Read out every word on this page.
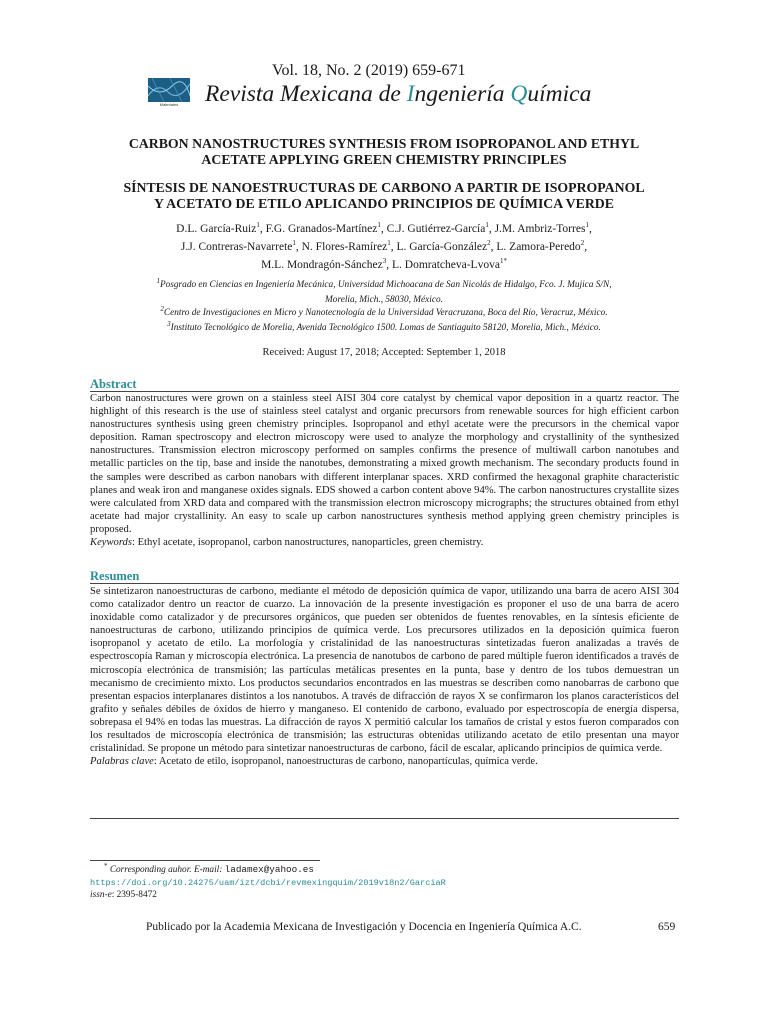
Materiales
Vol. 18, No. 2 (2019) 659-671
Revista Mexicana de Ingeniería Química
CARBON NANOSTRUCTURES SYNTHESIS FROM ISOPROPANOL AND ETHYL
ACETATE APPLYING GREEN CHEMISTRY PRINCIPLES
SÍNTESIS DE NANOESTRUCTURAS DE CARBONO A PARTIR DE ISOPROPANOL
Y ACETATO DE ETILO APLICANDO PRINCIPIOS DE QUÍMICA VERDE
D.L. García-Ruiz$^1$, F.G. Granados-Martínez$^1$, C.J. Gutiérrez-García$^1$, J.M. Ambriz-Torres$^1$,
J.J. Contreras-Navarrete$^1$, N. Flores-Ramírez$^1$, L. García-González$^2$, L. Zamora-Peredo$^2$,
M.L. Mondragón-Sánchez$^3$, L. Domratcheva-Lvova$^{1*}$
$^1$Posgrado en Ciencias en Ingeniería Mecánica, Universidad Michoacana de San Nicolás de Hidalgo, Fco. J. Mujica S/N,
Morelia, Mich., 58030, México.
$^2$Centro de Investigaciones en Micro y Nanotecnología de la Universidad Veracruzana, Boca del Río, Veracruz, México.
$^3$Instituto Tecnológico de Morelia, Avenida Tecnológico 1500. Lomas de Santiaguito 58120, Morelia, Mich., México.
Received: August 17, 2018; Accepted: September 1, 2018
Abstract
Carbon nanostructures were grown on a stainless steel AISI 304 core catalyst by chemical vapor deposition in a quartz reactor. The highlight of this research is the use of stainless steel catalyst and organic precursors from renewable sources for high efficient carbon nanostructures synthesis using green chemistry principles. Isopropanol and ethyl acetate were the precursors in the chemical vapor deposition. Raman spectroscopy and electron microscopy were used to analyze the morphology and crystallinity of the synthesized nanostructures. Transmission electron microscopy performed on samples confirms the presence of multiwall carbon nanotubes and metallic particles on the tip, base and inside the nanotubes, demonstrating a mixed growth mechanism. The secondary products found in the samples were described as carbon nanobars with different interplanar spaces. XRD confirmed the hexagonal graphite characteristic planes and weak iron and manganese oxides signals. EDS showed a carbon content above 94%. The carbon nanostructures crystallite sizes were calculated from XRD data and compared with the transmission electron microscopy micrographs; the structures obtained from ethyl acetate had major crystallinity. An easy to scale up carbon nanostructures synthesis method applying green chemistry principles is proposed.
Keywords: Ethyl acetate, isopropanol, carbon nanostructures, nanoparticles, green chemistry.
Resumen
Se sintetizaron nanoestructuras de carbono, mediante el método de deposición química de vapor, utilizando una barra de acero AISI 304 como catalizador dentro un reactor de cuarzo. La innovación de la presente investigación es proponer el uso de una barra de acero inoxidable como catalizador y de precursores orgánicos, que pueden ser obtenidos de fuentes renovables, en la síntesis eficiente de nanoestructuras de carbono, utilizando principios de química verde. Los precursores utilizados en la deposición química fueron isopropanol y acetato de etilo. La morfología y cristalinidad de las nanoestructuras sintetizadas fueron analizadas a través de espectroscopía Raman y microscopía electrónica. La presencia de nanotubos de carbono de pared múltiple fueron identificados a través de microscopía electrónica de transmisión; las partículas metálicas presentes en la punta, base y dentro de los tubos demuestran un mecanismo de crecimiento mixto. Los productos secundarios encontrados en las muestras se describen como nanobarras de carbono que presentan espacios interplanares distintos a los nanotubos. A través de difracción de rayos X se confirmaron los planos característicos del grafito y señales débiles de óxidos de hierro y manganeso. El contenido de carbono, evaluado por espectroscopía de energía dispersa, sobrepasa el 94% en todas las muestras. La difracción de rayos X permitió calcular los tamaños de cristal y estos fueron comparados con los resultados de microscopía electrónica de transmisión; las estructuras obtenidas utilizando acetato de etilo presentan una mayor cristalinidad. Se propone un método para sintetizar nanoestructuras de carbono, fácil de escalar, aplicando principios de química verde.
Palabras clave: Acetato de etilo, isopropanol, nanoestructuras de carbono, nanopartículas, química verde.
* Corresponding auhor. E-mail: ladamex@yahoo.es
https://doi.org/10.24275/uam/izt/dcbi/revmexingquim/2019v18n2/GarciaR
issn-e: 2395-8472
Publicado por la Academia Mexicana de Investigación y Docencia en Ingeniería Química A.C.	659
